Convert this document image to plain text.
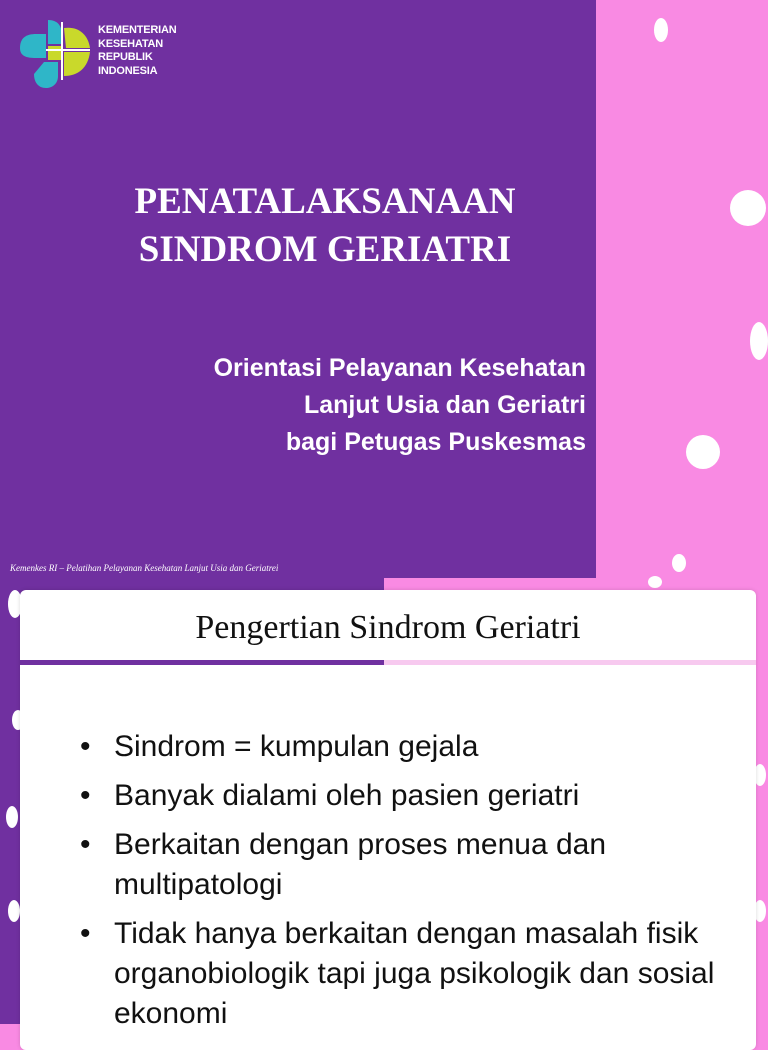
KEMENTERIAN
KESEHATAN
REPUBLIK
INDONESIA
PENATALAKSANAAN
SINDROM GERIATRI
Orientasi Pelayanan Kesehatan
Lanjut Usia dan Geriatri
bagi Petugas Puskesmas
Kemenkes RI – Pelatihan Pelayanan Kesehatan Lanjut Usia dan Geriatrei
Pengertian Sindrom Geriatri
• Sindrom = kumpulan gejala
• Banyak dialami oleh pasien geriatri
• Berkaitan dengan proses menua dan multipatologi
• Tidak hanya berkaitan dengan masalah fisik organobiologik tapi juga psikologik dan sosial ekonomi
